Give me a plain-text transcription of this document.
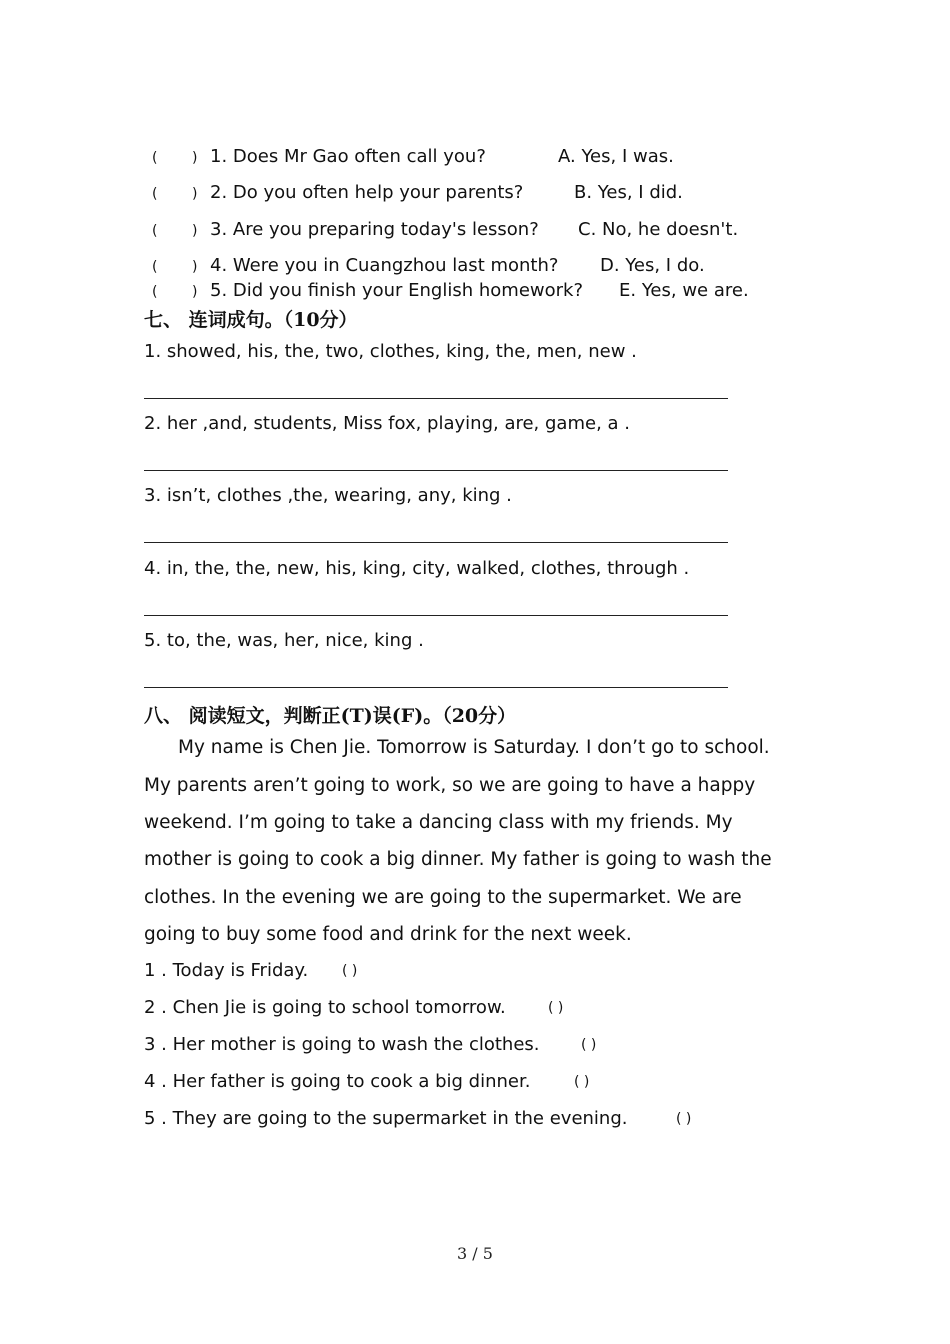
( ) 1. Does Mr Gao often call you?	A. Yes, I was.
( ) 2. Do you often help your parents?	B. Yes, I did.
( ) 3. Are you preparing today's lesson? C. No, he doesn't.
( ) 4. Were you in Cuangzhou last month? D. Yes, I do.
( ) 5. Did you finish your English homework? E. Yes, we are.
七、 连词成句。（10分）
1. showed, his, the, two, clothes, king, the, men, new .
2. her ,and, students, Miss fox, playing, are, game, a .
3. isn’t, clothes ,the, wearing, any, king .
4. in, the, the, new, his, king, city, walked, clothes, through .
5. to, the, was, her, nice, king .
八、 阅读短文，判断正(T)误(F)。（20分）
My name is Chen Jie. Tomorrow is Saturday. I don’t go to school.
My parents aren’t going to work, so we are going to have a happy
weekend. I’m going to take a dancing class with my friends. My
mother is going to cook a big dinner. My father is going to wash the
clothes. In the evening we are going to the supermarket. We are
going to buy some food and drink for the next week.
1 . Today is Friday. ( )
2 . Chen Jie is going to school tomorrow.	( )
3 . Her mother is going to wash the clothes.	( )
4 . Her father is going to cook a big dinner.	( )
5 . They are going to the supermarket in the evening.	( )
3 / 5
